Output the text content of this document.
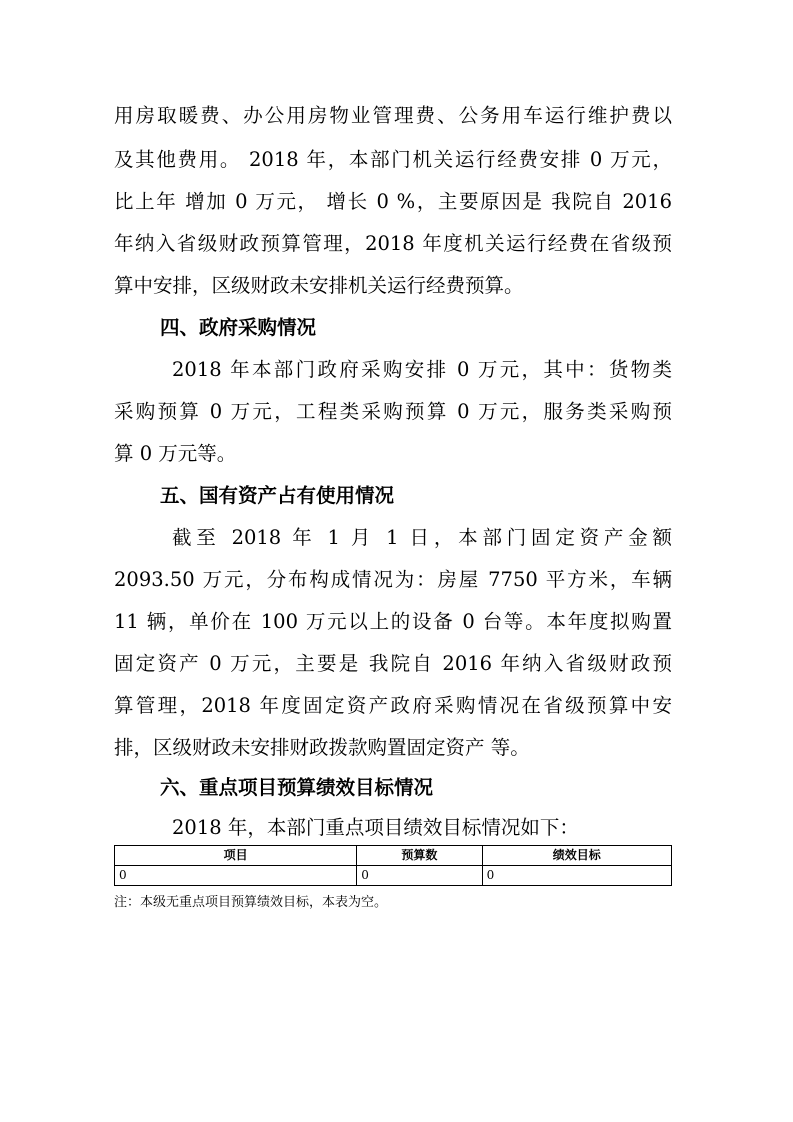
用房取暖费、办公用房物业管理费、公务用车运行维护费以
及其他费用。 2018 年，本部门机关运行经费安排 0 万元，
比上年 增加 0 万元， 增长 0 %，主要原因是 我院自 2016
年纳入省级财政预算管理，2018 年度机关运行经费在省级预
算中安排，区级财政未安排机关运行经费预算。
四、政府采购情况
2018 年本部门政府采购安排 0 万元，其中：货物类
采购预算 0 万元，工程类采购预算 0 万元，服务类采购预
算 0 万元等。
五、国有资产占有使用情况
截至 2018 年 1 月 1 日，本部门固定资产金额
2093.50 万元，分布构成情况为：房屋 7750 平方米，车辆
11 辆，单价在 100 万元以上的设备 0 台等。本年度拟购置
固定资产 0 万元，主要是 我院自 2016 年纳入省级财政预
算管理，2018 年度固定资产政府采购情况在省级预算中安
排，区级财政未安排财政拨款购置固定资产 等。
六、重点项目预算绩效目标情况
2018 年，本部门重点项目绩效目标情况如下：
项目	预算数	绩效目标
0	0	0
注：本级无重点项目预算绩效目标，本表为空。
